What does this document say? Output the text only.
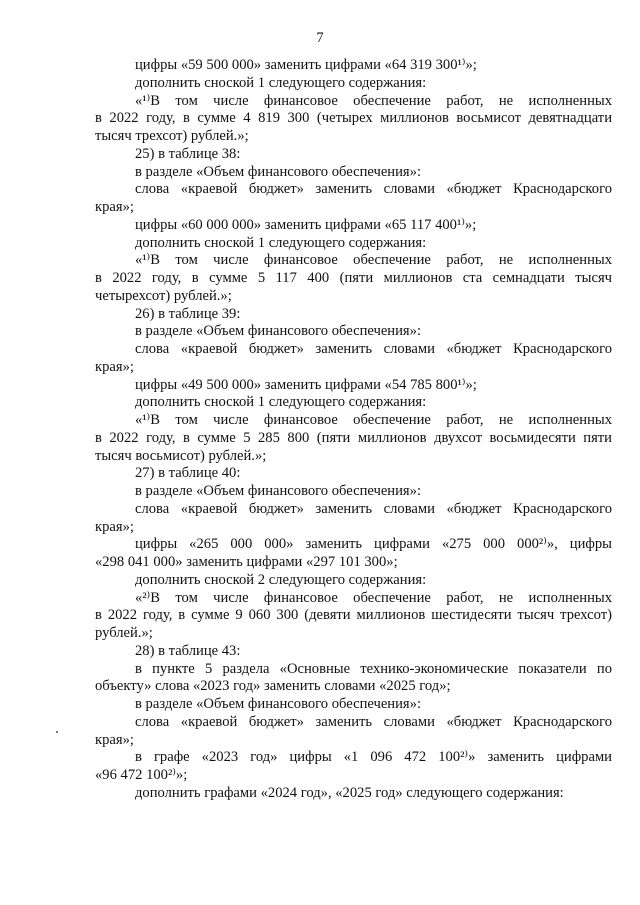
7
цифры «59 500 000» заменить цифрами «64 319 300¹⁾»;
дополнить сноской 1 следующего содержания:
«¹⁾В том числе финансовое обеспечение работ, не исполненных
в 2022 году, в сумме 4 819 300 (четырех миллионов восьмисот девятнадцати
тысяч трехсот) рублей.»;
25) в таблице 38:
в разделе «Объем финансового обеспечения»:
слова «краевой бюджет» заменить словами «бюджет Краснодарского
края»;
цифры «60 000 000» заменить цифрами «65 117 400¹⁾»;
дополнить сноской 1 следующего содержания:
«¹⁾В том числе финансовое обеспечение работ, не исполненных
в 2022 году, в сумме 5 117 400 (пяти миллионов ста семнадцати тысяч
четырехсот) рублей.»;
26) в таблице 39:
в разделе «Объем финансового обеспечения»:
слова «краевой бюджет» заменить словами «бюджет Краснодарского
края»;
цифры «49 500 000» заменить цифрами «54 785 800¹⁾»;
дополнить сноской 1 следующего содержания:
«¹⁾В том числе финансовое обеспечение работ, не исполненных
в 2022 году, в сумме 5 285 800 (пяти миллионов двухсот восьмидесяти пяти
тысяч восьмисот) рублей.»;
27) в таблице 40:
в разделе «Объем финансового обеспечения»:
слова «краевой бюджет» заменить словами «бюджет Краснодарского
края»;
цифры «265 000 000» заменить цифрами «275 000 000²⁾», цифры
«298 041 000» заменить цифрами «297 101 300»;
дополнить сноской 2 следующего содержания:
«²⁾В том числе финансовое обеспечение работ, не исполненных
в 2022 году, в сумме 9 060 300 (девяти миллионов шестидесяти тысяч трехсот)
рублей.»;
28) в таблице 43:
в пункте 5 раздела «Основные технико-экономические показатели по
объекту» слова «2023 год» заменить словами «2025 год»;
в разделе «Объем финансового обеспечения»:
слова «краевой бюджет» заменить словами «бюджет Краснодарского
края»;
в графе «2023 год» цифры «1 096 472 100²⁾» заменить цифрами
«96 472 100²⁾»;
дополнить графами «2024 год», «2025 год» следующего содержания:
